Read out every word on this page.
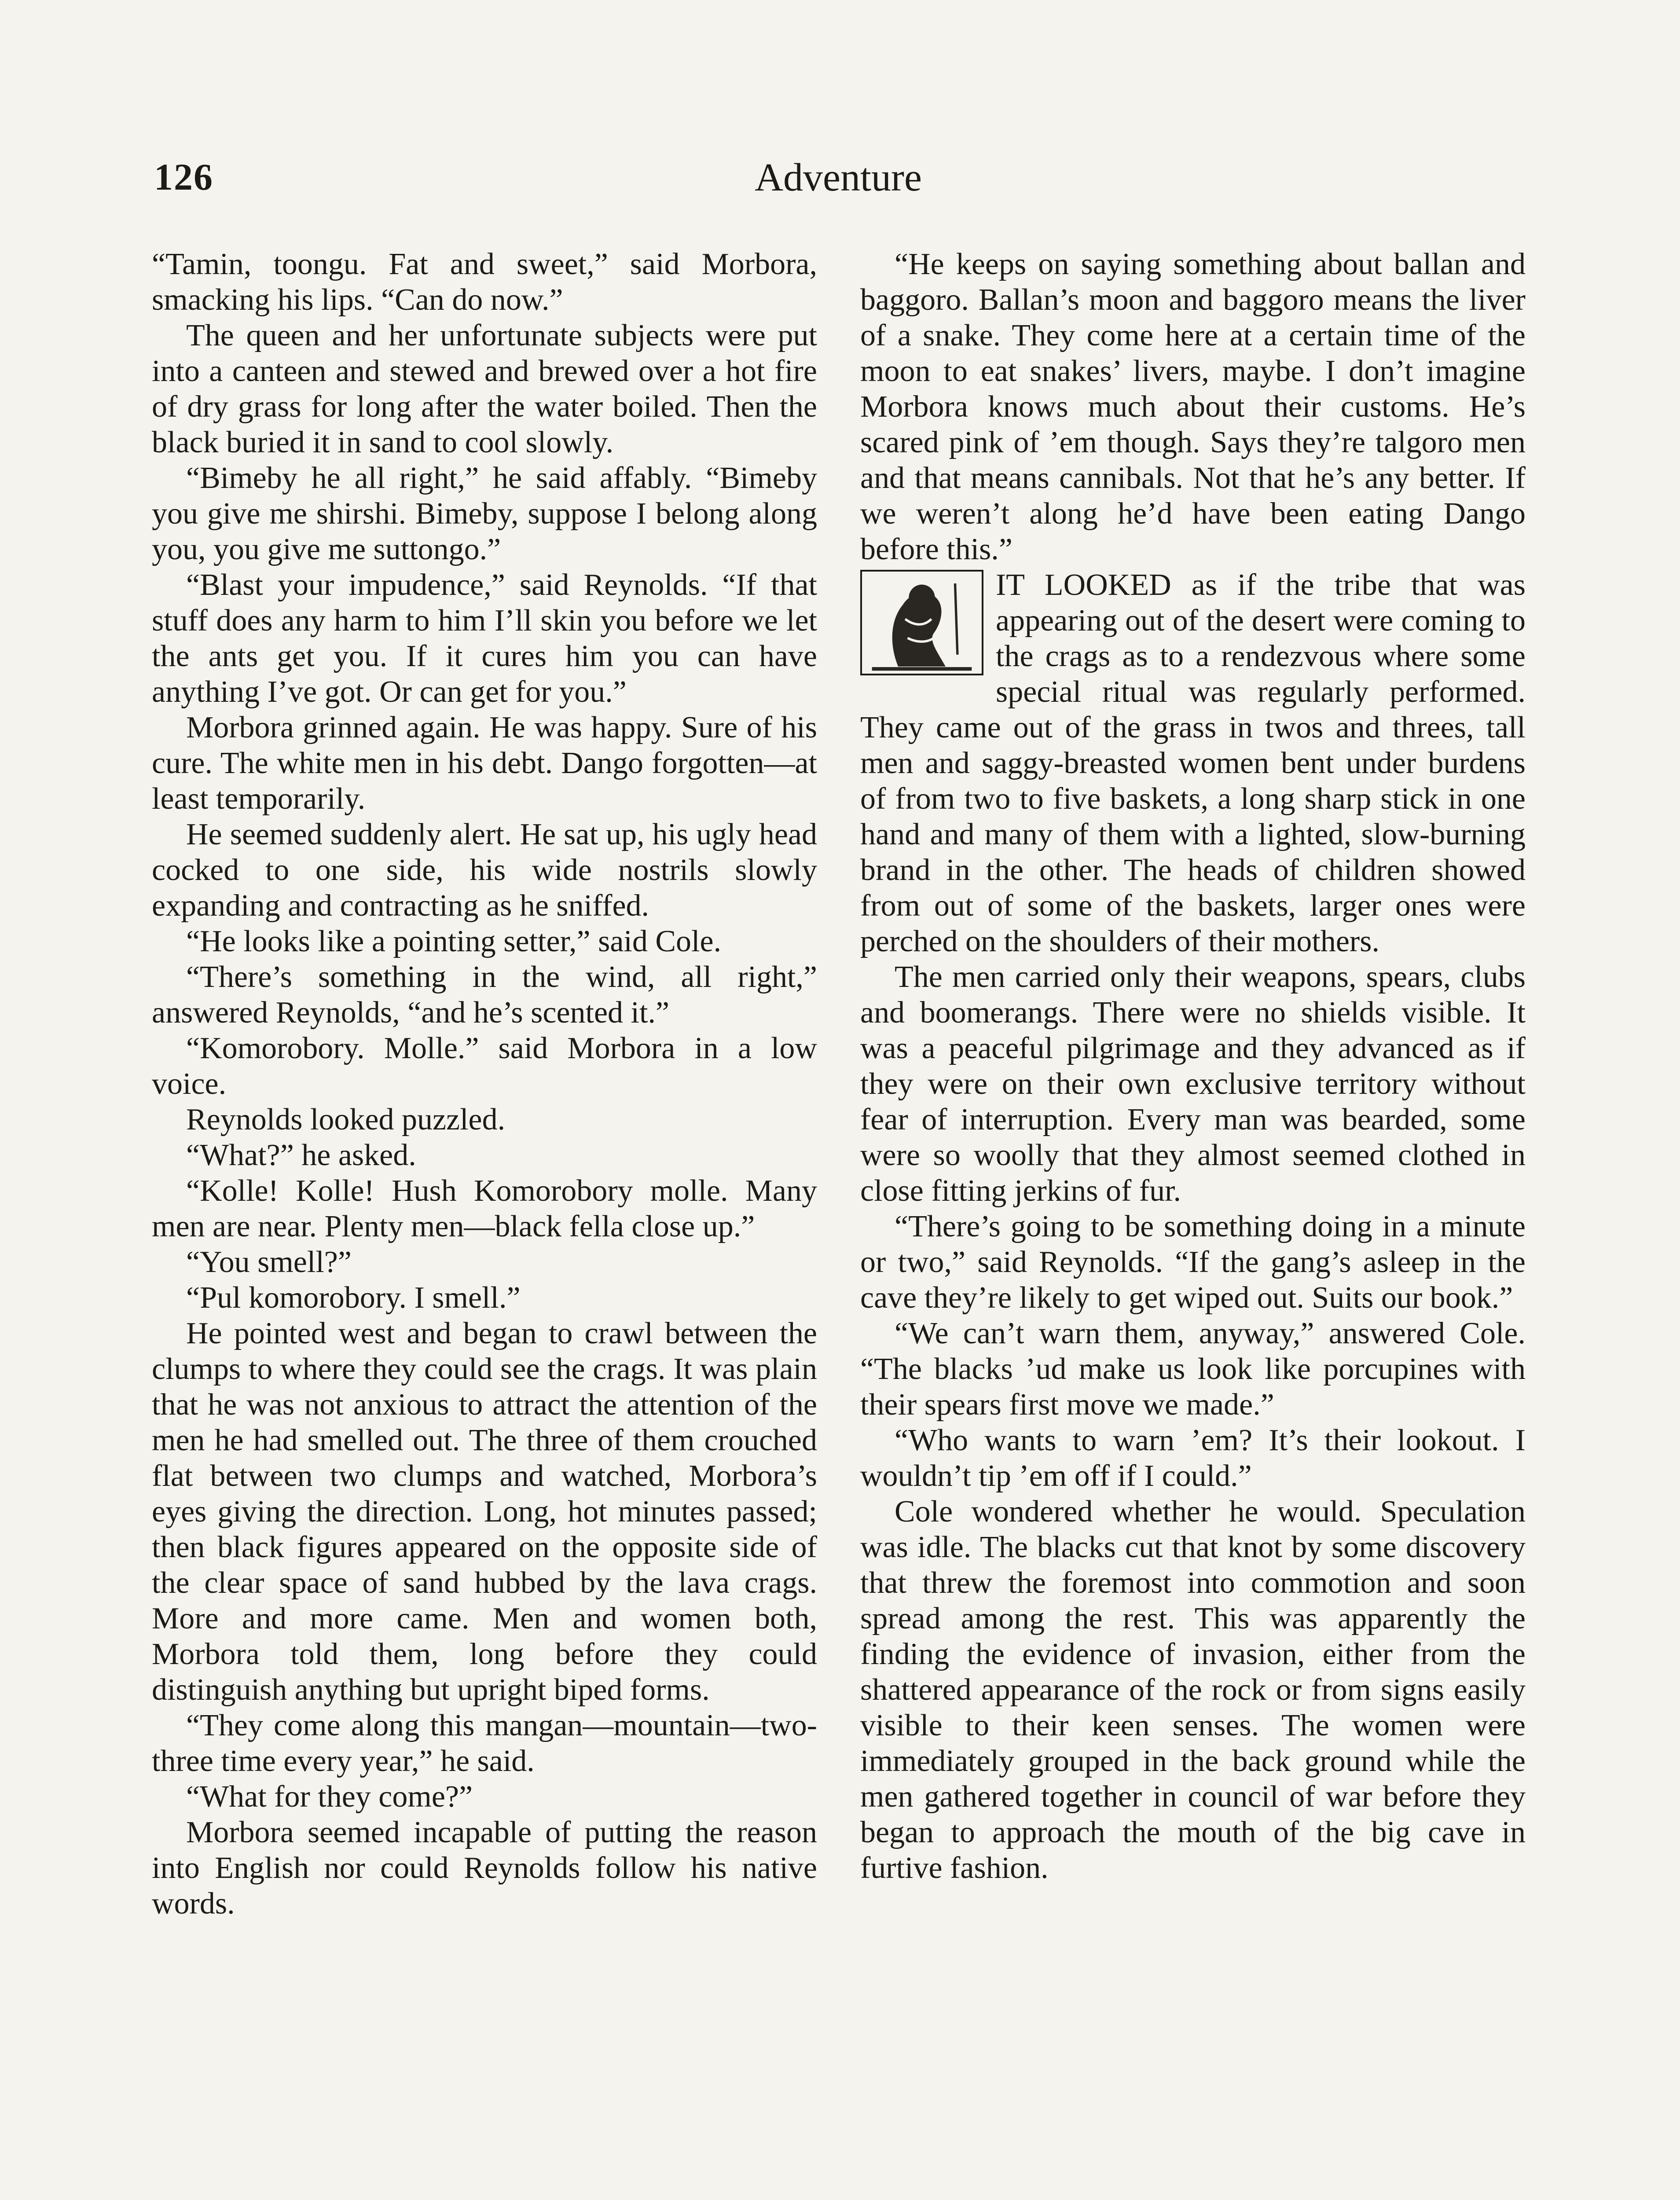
126	Adventure

“Tamin, toongu. Fat and sweet,” said Morbora, smacking his lips. “Can do now.”

The queen and her unfortunate subjects were put into a canteen and stewed and brewed over a hot fire of dry grass for long after the water boiled. Then the black buried it in sand to cool slowly.

“Bimeby he all right,” he said affably. “Bimeby you give me shirshi. Bimeby, suppose I belong along you, you give me suttongo.”

“Blast your impudence,” said Reynolds. “If that stuff does any harm to him I’ll skin you before we let the ants get you. If it cures him you can have anything I’ve got. Or can get for you.”

Morbora grinned again. He was happy. Sure of his cure. The white men in his debt. Dango forgotten—at least temporarily.

He seemed suddenly alert. He sat up, his ugly head cocked to one side, his wide nostrils slowly expanding and contracting as he sniffed.

“He looks like a pointing setter,” said Cole.

“There’s something in the wind, all right,” answered Reynolds, “and he’s scented it.”

“Komorobory. Molle.” said Morbora in a low voice.

Reynolds looked puzzled.

“What?” he asked.

“Kolle! Kolle! Hush Komorobory molle. Many men are near. Plenty men—black fella close up.”

“You smell?”

“Pul komorobory. I smell.”

He pointed west and began to crawl between the clumps to where they could see the crags. It was plain that he was not anxious to attract the attention of the men he had smelled out. The three of them crouched flat between two clumps and watched, Morbora’s eyes giving the direction. Long, hot minutes passed; then black figures appeared on the opposite side of the clear space of sand hubbed by the lava crags. More and more came. Men and women both, Morbora told them, long before they could distinguish anything but upright biped forms.

“They come along this mangan—mountain—two-three time every year,” he said.

“What for they come?”

Morbora seemed incapable of putting the reason into English nor could Reynolds follow his native words.

“He keeps on saying something about ballan and baggoro. Ballan’s moon and baggoro means the liver of a snake. They come here at a certain time of the moon to eat snakes’ livers, maybe. I don’t imagine Morbora knows much about their customs. He’s scared pink of ’em though. Says they’re talgoro men and that means cannibals. Not that he’s any better. If we weren’t along he’d have been eating Dango before this.”

IT LOOKED as if the tribe that was appearing out of the desert were coming to the crags as to a rendezvous where some special ritual was regularly performed. They came out of the grass in twos and threes, tall men and saggy-breasted women bent under burdens of from two to five baskets, a long sharp stick in one hand and many of them with a lighted, slow-burning brand in the other. The heads of children showed from out of some of the baskets, larger ones were perched on the shoulders of their mothers.

The men carried only their weapons, spears, clubs and boomerangs. There were no shields visible. It was a peaceful pilgrimage and they advanced as if they were on their own exclusive territory without fear of interruption. Every man was bearded, some were so woolly that they almost seemed clothed in close fitting jerkins of fur.

“There’s going to be something doing in a minute or two,” said Reynolds. “If the gang’s asleep in the cave they’re likely to get wiped out. Suits our book.”

“We can’t warn them, anyway,” answered Cole. “The blacks ’ud make us look like porcupines with their spears first move we made.”

“Who wants to warn ’em? It’s their lookout. I wouldn’t tip ’em off if I could.”

Cole wondered whether he would. Speculation was idle. The blacks cut that knot by some discovery that threw the foremost into commotion and soon spread among the rest. This was apparently the finding the evidence of invasion, either from the shattered appearance of the rock or from signs easily visible to their keen senses. The women were immediately grouped in the back ground while the men gathered together in council of war before they began to approach the mouth of the big cave in furtive fashion.
